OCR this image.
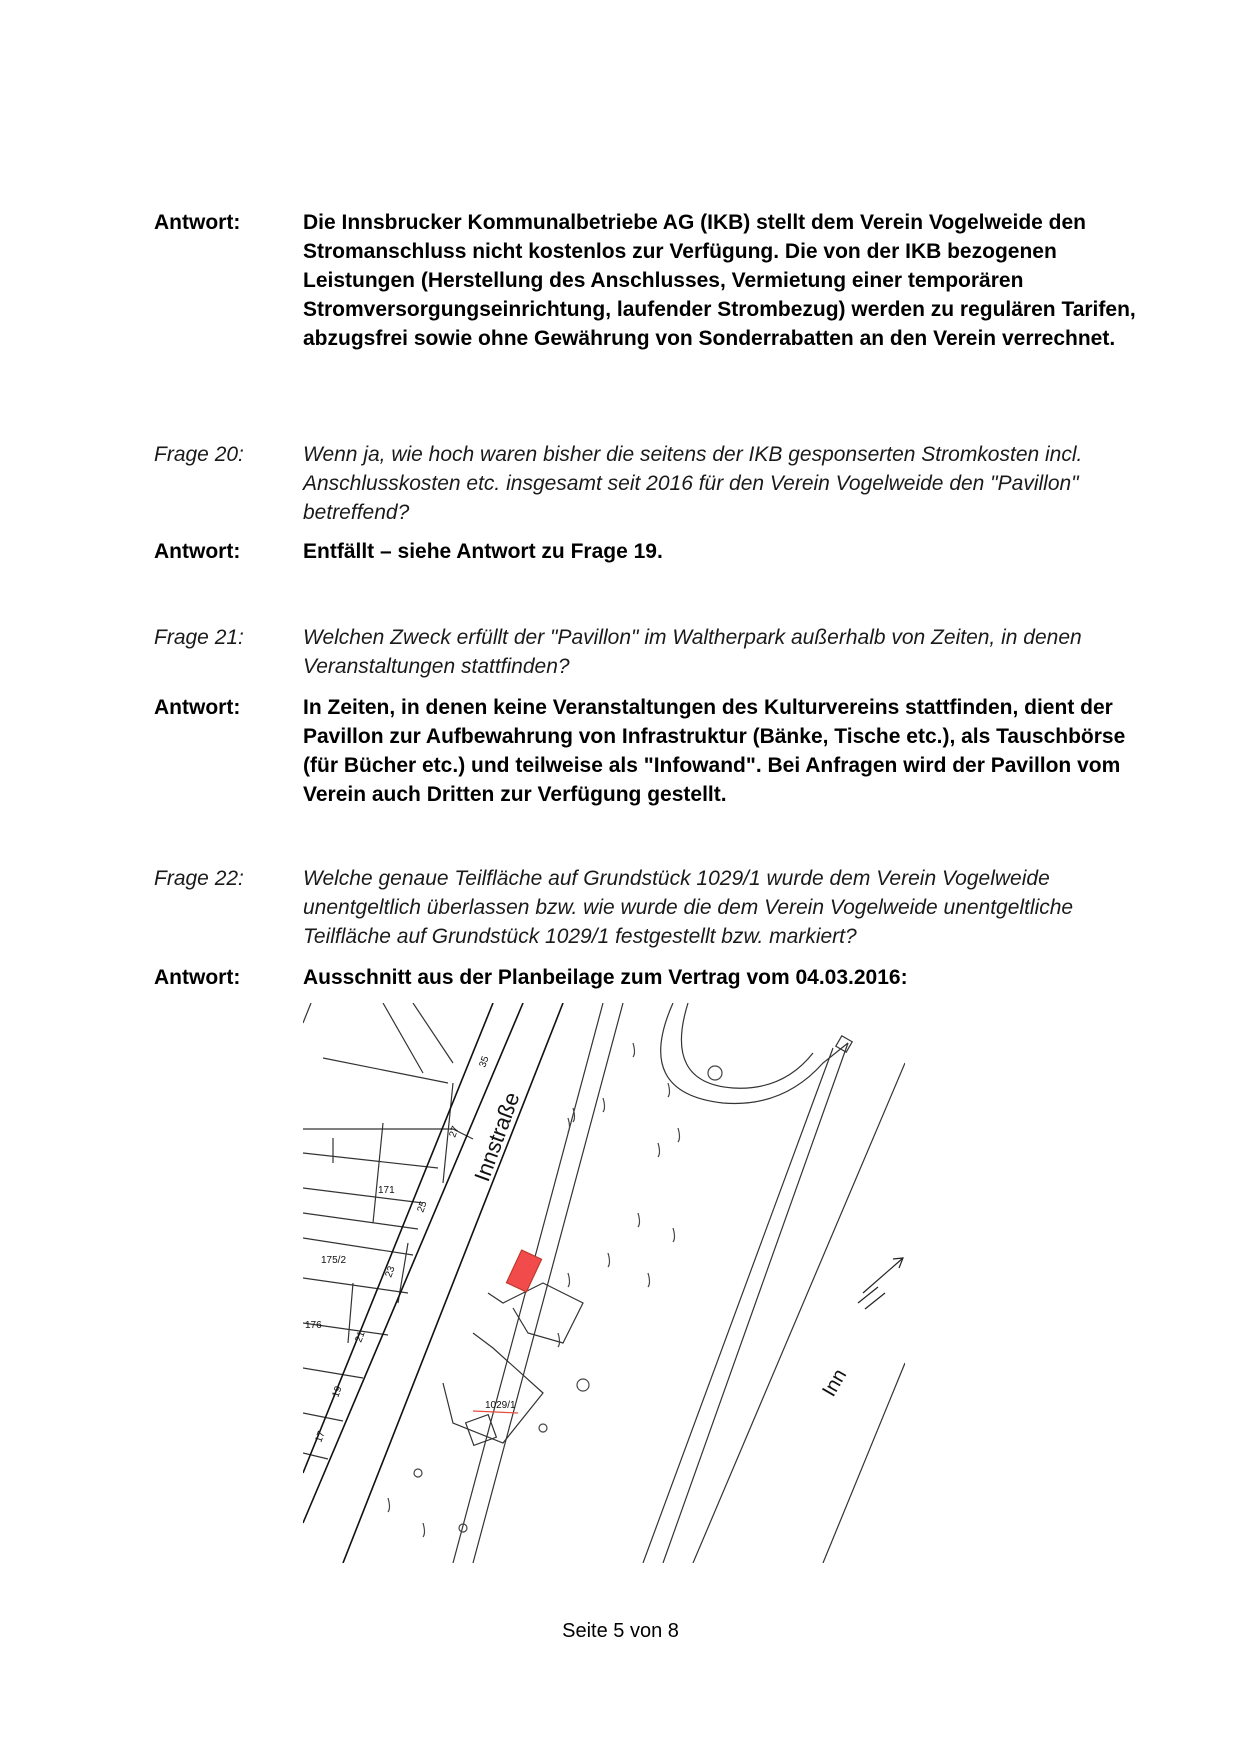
Antwort:	Die Innsbrucker Kommunalbetriebe AG (IKB) stellt dem Verein Vogelweide den Stromanschluss nicht kostenlos zur Verfügung. Die von der IKB bezogenen Leistungen (Herstellung des Anschlusses, Vermietung einer temporären Stromversorgungseinrichtung, laufender Strombezug) werden zu regulären Tarifen, abzugsfrei sowie ohne Gewährung von Sonderrabatten an den Verein verrechnet.
Frage 20:	Wenn ja, wie hoch waren bisher die seitens der IKB gesponserten Stromkosten incl. Anschlusskosten etc. insgesamt seit 2016 für den Verein Vogelweide den "Pavillon" betreffend?
Antwort:	Entfällt – siehe Antwort zu Frage 19.
Frage 21:	Welchen Zweck erfüllt der "Pavillon" im Waltherpark außerhalb von Zeiten, in denen Veranstaltungen stattfinden?
Antwort:	In Zeiten, in denen keine Veranstaltungen des Kulturvereins stattfinden, dient der Pavillon zur Aufbewahrung von Infrastruktur (Bänke, Tische etc.), als Tauschbörse (für Bücher etc.) und teilweise als "Infowand". Bei Anfragen wird der Pavillon vom Verein auch Dritten zur Verfügung gestellt.
Frage 22:	Welche genaue Teilfläche auf Grundstück 1029/1 wurde dem Verein Vogelweide unentgeltlich überlassen bzw. wie wurde die dem Verein Vogelweide unentgeltliche Teilfläche auf Grundstück 1029/1 festgestellt bzw. markiert?
Antwort:	Ausschnitt aus der Planbeilage zum Vertrag vom 04.03.2016:
Innstraße
Inn
1029/1
175/2
176
171
35
27
25
23
21
19
17
Seite 5 von 8
